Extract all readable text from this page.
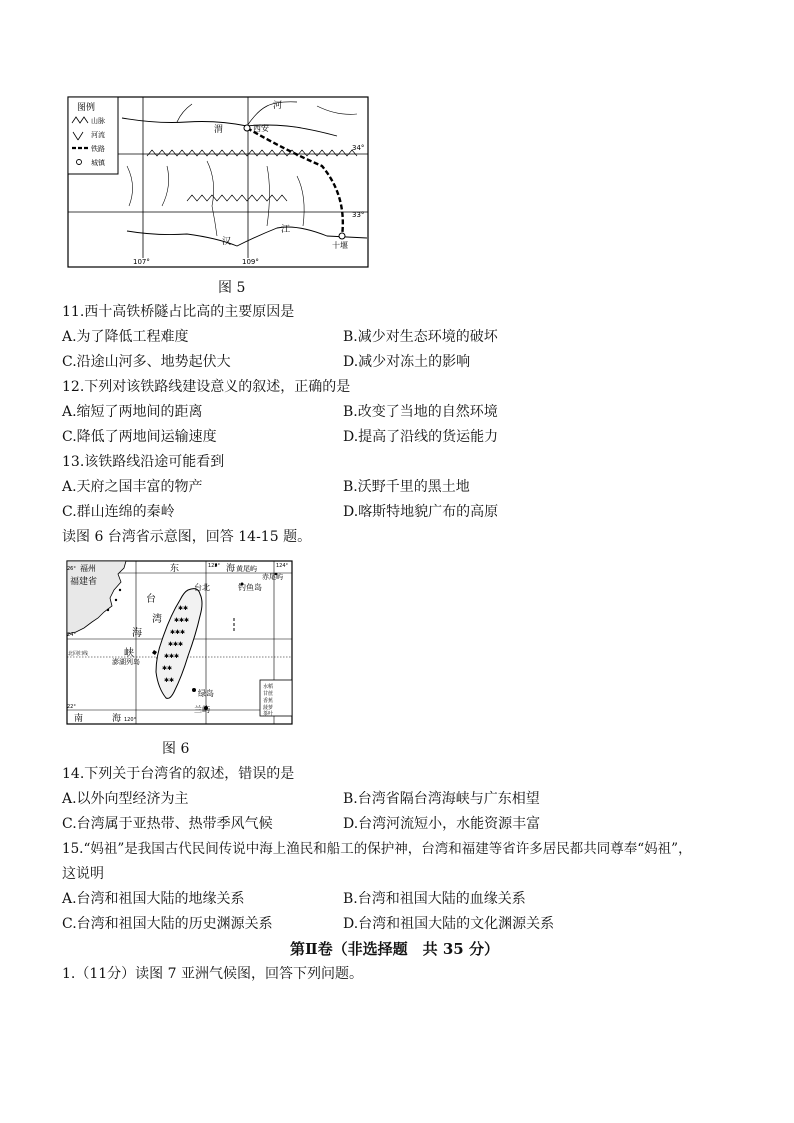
图例
山脉
河流
铁路
城镇
河
渭	西安
汉
江
十堰
34°
33°
107°	109°
图 5
11.西十高铁桥隧占比高的主要原因是
A.为了降低工程难度	B.减少对生态环境的破坏
C.沿途山河多、地势起伏大	D.减少对冻土的影响
12.下列对该铁路线建设意义的叙述，正确的是
A.缩短了两地间的距离	B.改变了当地的自然环境
C.降低了两地间运输速度	D.提高了沿线的货运能力
13.该铁路线沿途可能看到
A.天府之国丰富的物产	B.沃野千里的黑土地
C.群山连绵的秦岭	D.喀斯特地貌广布的高原
读图 6 台湾省示意图，回答 14-15 题。
✱✱
✱✱✱
✱✱✱
✱✱✱
✱✱✱
✱✱
✱✱
水稻
甘蔗
香蕉
菠萝
茶叶
福州
福建省
东	海 黄尾屿
赤尾屿
钓鱼岛
台
湾
海
峡
台北
澎湖列岛
绿岛
兰屿
南	海
北回归线
26°
24°
22°
120°
122°	124°
图 6
14.下列关于台湾省的叙述，错误的是
A.以外向型经济为主	B.台湾省隔台湾海峡与广东相望
C.台湾属于亚热带、热带季风气候	D.台湾河流短小，水能资源丰富
15.“妈祖”是我国古代民间传说中海上渔民和船工的保护神，台湾和福建等省许多居民都共同尊奉“妈祖”，
这说明
A.台湾和祖国大陆的地缘关系	B.台湾和祖国大陆的血缘关系
C.台湾和祖国大陆的历史渊源关系	D.台湾和祖国大陆的文化渊源关系
第Ⅱ卷（非选择题　共 35 分）
1.（11分）读图 7 亚洲气候图，回答下列问题。
